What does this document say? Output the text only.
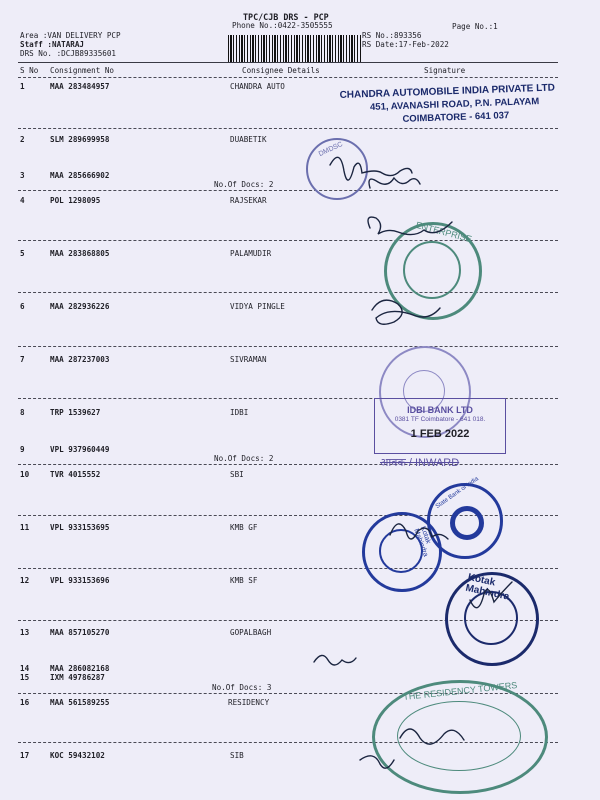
TPC/CJB DRS - PCP
Phone No.:0422-3505555	Page No.:1
Area :VAN DELIVERY PCP
Staff :NATARAJ
DRS No. :DCJB89335601
RS No.:893356
RS Date:17-Feb-2022
S No Consignment No	Consignee Details	Signature
1	MAA 283484957	CHANDRA AUTO
2	SLM 289699958	DUABETIK
3	MAA 285666902
No.Of Docs: 2
4	POL 1298095	RAJSEKAR
5	MAA 283868805	PALAMUDIR
6	MAA 282936226	VIDYA PINGLE
7	MAA 287237003	SIVRAMAN
8	TRP 1539627	IDBI
9	VPL 937960449
No.Of Docs: 2
10	TVR 4015552	SBI
11	VPL 933153695	KMB GF
12	VPL 933153696	KMB SF
13	MAA 857105270	GOPALBAGH
14	MAA 286082168
15	IXM 49786287
No.Of Docs: 3
16	MAA 561589255	RESIDENCY
17	KOC 59432102	SIB
CHANDRA AUTOMOBILE INDIA PRIVATE LTD
451, AVANASHI ROAD, P.N. PALAYAM
COIMBATORE - 641 037
DMDSC
ENTERPRISE
IDBI BANK LTD
0381 TF Coimbatore - 641 018.
1 FEB 2022
आवक / INWARD
State Bank of India
Kotak Mahindra
Kotak Mahindra
THE RESIDENCY TOWERS
